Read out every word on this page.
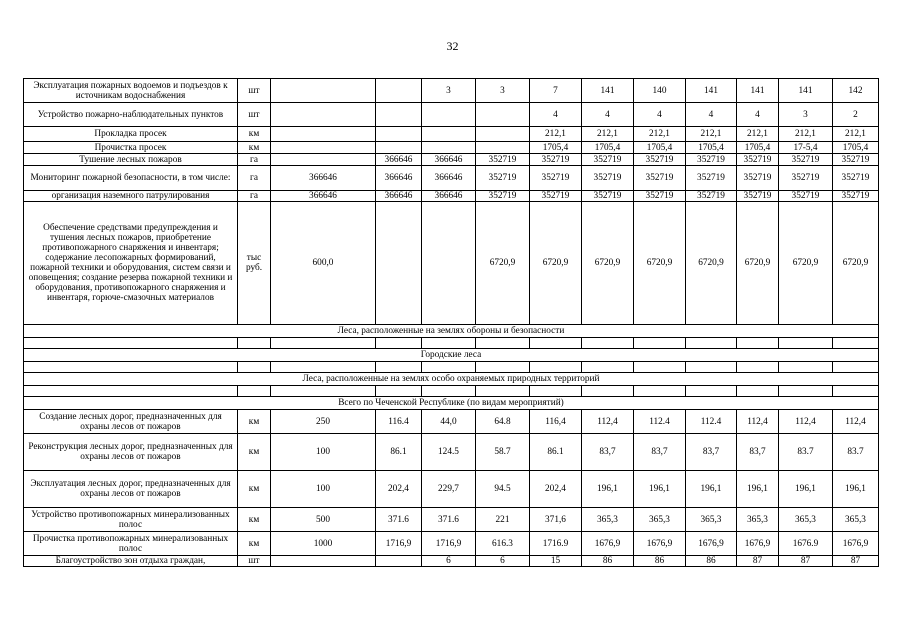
32
Эксплуатация пожарных водоемов и подъездов к источникам водоснабжения	шт			3	3	7	141	140	141	141	141	142
Устройство пожарно-наблюдательных пунктов	шт					4	4	4	4	4	3	2
Прокладка просек	км					212,1	212,1	212,1	212,1	212,1	212,1	212,1
Прочистка просек	км					1705,4	1705,4	1705,4	1705,4	1705,4	17-5,4	1705,4
Тушение лесных пожаров	га		366646	366646	352719	352719	352719	352719	352719	352719	352719	352719
Мониторинг пожарной безопасности, в том числе:	га	366646	366646	366646	352719	352719	352719	352719	352719	352719	352719	352719
организация наземного патрулирования	га	366646	366646	366646	352719	352719	352719	352719	352719	352719	352719	352719
Обеспечение средствами предупреждения и тушения лесных пожаров, приобретение противопожарного снаряжения и инвентаря; содержание лесопожарных формирований, пожарной техники и оборудования, систем связи и оповещения; создание резерва пожарной техники и оборудования, противопожарного снаряжения и инвентаря, горюче-смазочных материалов	тыс руб.	600,0			6720,9	6720,9	6720,9	6720,9	6720,9	6720,9	6720,9	6720,9
Леса, расположенные на землях обороны и безопасности												

Городские леса												

Леса, расположенные на землях особо охраняемых природных территорий												

Всего по Чеченской Республике (по видам мероприятий)												
Создание лесных дорог, предназначенных для охраны лесов от пожаров	км	250	116.4	44,0	64.8	116,4	112,4	112.4	112.4	112,4	112,4	112,4
Реконструкция лесных дорог, предназначенных для охраны лесов от пожаров	км	100	86.1	124.5	58.7	86.1	83,7	83,7	83,7	83,7	83.7	83.7
Эксплуатация лесных дорог, предназначенных для охраны лесов от пожаров	км	100	202,4	229,7	94.5	202,4	196,1	196,1	196,1	196,1	196,1	196,1
Устройство противопожарных минерализованных полос	км	500	371.6	371.6	221	371,6	365,3	365,3	365,3	365,3	365,3	365,3
Прочистка противопожарных минерализованных полос	км	1000	1716,9	1716,9	616.3	1716.9	1676,9	1676,9	1676,9	1676,9	1676.9	1676,9
Благоустройство зон отдыха граждан,	шт			6	6	15	86	86	86	87	87	87
